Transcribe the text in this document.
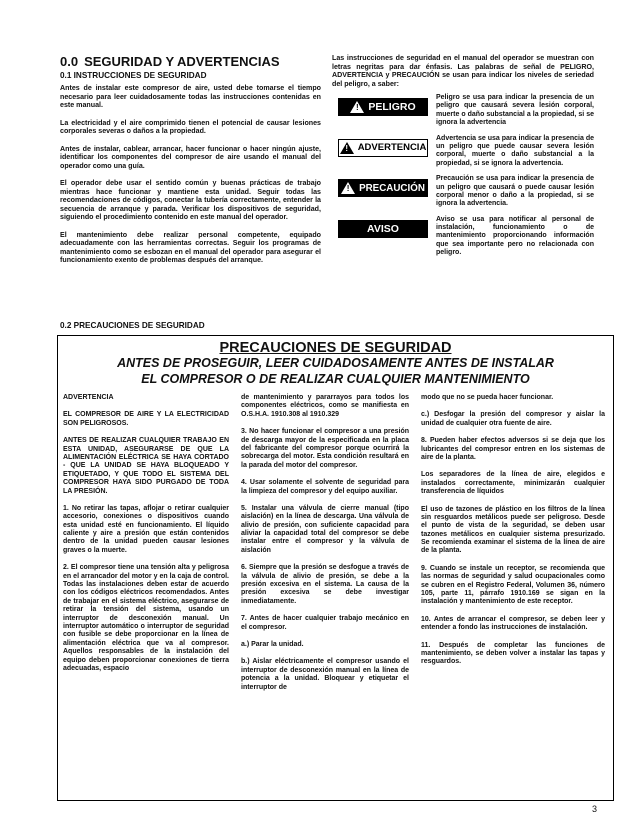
0.0 SEGURIDAD Y ADVERTENCIAS
0.1 INSTRUCCIONES DE SEGURIDAD
Antes de instalar este compresor de aire, usted debe tomarse el tiempo necesario para leer cuidadosamente todas las instrucciones contenidas en este manual.
La electricidad y el aire comprimido tienen el potencial de causar lesiones corporales severas o daños a la propiedad.
Antes de instalar, cablear, arrancar, hacer funcionar o hacer ningún ajuste, identificar los componentes del compresor de aire usando el manual del operador como una guía.
El operador debe usar el sentido común y buenas prácticas de trabajo mientras hace funcionar y mantiene esta unidad. Seguir todas las recomendaciones de códigos, conectar la tubería correctamente, entender la secuencia de arranque y parada. Verificar los dispositivos de seguridad, siguiendo el procedimiento contenido en este manual del operador.
El mantenimiento debe realizar personal competente, equipado adecuadamente con las herramientas correctas. Seguir los programas de mantenimiento como se esbozan en el manual del operador para asegurar el funcionamiento exento de problemas después del arranque.
Las instrucciones de seguridad en el manual del operador se muestran con letras negritas para dar énfasis. Las palabras de señal de PELIGRO, ADVERTENCIA y PRECAUCIÓN se usan para indicar los niveles de seriedad del peligro, a saber:
! PELIGRO
Peligro se usa para indicar la presencia de un peligro que causará severa lesión corporal, muerte o daño substancial a la propiedad, si se ignora la advertencia
! ADVERTENCIA
Advertencia se usa para indicar la presencia de un peligro que puede causar severa lesión corporal, muerte o daño substancial a la propiedad, si se ignora la advertencia.
! PRECAUCIÓN
Precaución se usa para indicar la presencia de un peligro que causará o puede causar lesión corporal menor o daño a la propiedad, si se ignora la advertencia.
AVISO
Aviso se usa para notificar al personal de instalación, funcionamiento o de mantenimiento proporcionando información que sea importante pero no relacionada con peligro.
0.2 PRECAUCIONES DE SEGURIDAD
PRECAUCIONES DE SEGURIDAD
ANTES DE PROSEGUIR, LEER CUIDADOSAMENTE ANTES DE INSTALAR
EL COMPRESOR O DE REALIZAR CUALQUIER MANTENIMIENTO
ADVERTENCIA
EL COMPRESOR DE AIRE Y LA ELECTRICIDAD SON PELIGROSOS.
ANTES DE REALIZAR CUALQUIER TRABAJO EN ESTA UNIDAD, ASEGURARSE DE QUE LA ALIMENTACIÓN ELÉCTRICA SE HAYA CORTADO - QUE LA UNIDAD SE HAYA BLOQUEADO Y ETIQUETADO, Y QUE TODO EL SISTEMA DEL COMPRESOR HAYA SIDO PURGADO DE TODA LA PRESIÓN.
1. No retirar las tapas, aflojar o retirar cualquier accesorio, conexiones o dispositivos cuando esta unidad esté en funcionamiento. El líquido caliente y aire a presión que están contenidos dentro de la unidad pueden causar lesiones graves o la muerte.
2. El compresor tiene una tensión alta y peligrosa en el arrancador del motor y en la caja de control. Todas las instalaciones deben estar de acuerdo con los códigos eléctricos recomendados. Antes de trabajar en el sistema eléctrico, asegurarse de retirar la tensión del sistema, usando un interruptor de desconexión manual. Un interruptor automático o interruptor de seguridad con fusible se debe proporcionar en la línea de alimentación eléctrica que va al compresor. Aquellos responsables de la instalación del equipo deben proporcionar conexiones de tierra adecuadas, espacio
de mantenimiento y pararrayos para todos los componentes eléctricos, como se manifiesta en O.S.H.A. 1910.308 al 1910.329
3. No hacer funcionar el compresor a una presión de descarga mayor de la especificada en la placa del fabricante del compresor porque ocurrirá la sobrecarga del motor. Esta condición resultará en la parada del motor del compresor.
4. Usar solamente el solvente de seguridad para la limpieza del compresor y del equipo auxiliar.
5. Instalar una válvula de cierre manual (tipo aislación) en la línea de descarga. Una válvula de alivio de presión, con suficiente capacidad para aliviar la capacidad total del compresor se debe instalar entre el compresor y la válvula de aislación
6. Siempre que la presión se desfogue a través de la válvula de alivio de presión, se debe a la presión excesiva en el sistema. La causa de la presión excesiva se debe investigar inmediatamente.
7. Antes de hacer cualquier trabajo mecánico en el compresor.
a.) Parar la unidad.
b.) Aislar eléctricamente el compresor usando el interruptor de desconexión manual en la línea de potencia a la unidad. Bloquear y etiquetar el interruptor de
modo que no se pueda hacer funcionar.
c.) Desfogar la presión del compresor y aislar la unidad de cualquier otra fuente de aire.
8. Pueden haber efectos adversos si se deja que los lubricantes del compresor entren en los sistemas de aire de la planta.
Los separadores de la línea de aire, elegidos e instalados correctamente, minimizarán cualquier transferencia de líquidos
El uso de tazones de plástico en los filtros de la línea sin resguardos metálicos puede ser peligroso. Desde el punto de vista de la seguridad, se deben usar tazones metálicos en cualquier sistema presurizado. Se recomienda examinar el sistema de la línea de aire de la planta.
9. Cuando se instale un receptor, se recomienda que las normas de seguridad y salud ocupacionales como se cubren en el Registro Federal, Volumen 36, número 105, parte 11, párrafo 1910.169 se sigan en la instalación y mantenimiento de este receptor.
10. Antes de arrancar el compresor, se deben leer y entender a fondo las instrucciones de instalación.
11. Después de completar las funciones de mantenimiento, se deben volver a instalar las tapas y resguardos.
3
